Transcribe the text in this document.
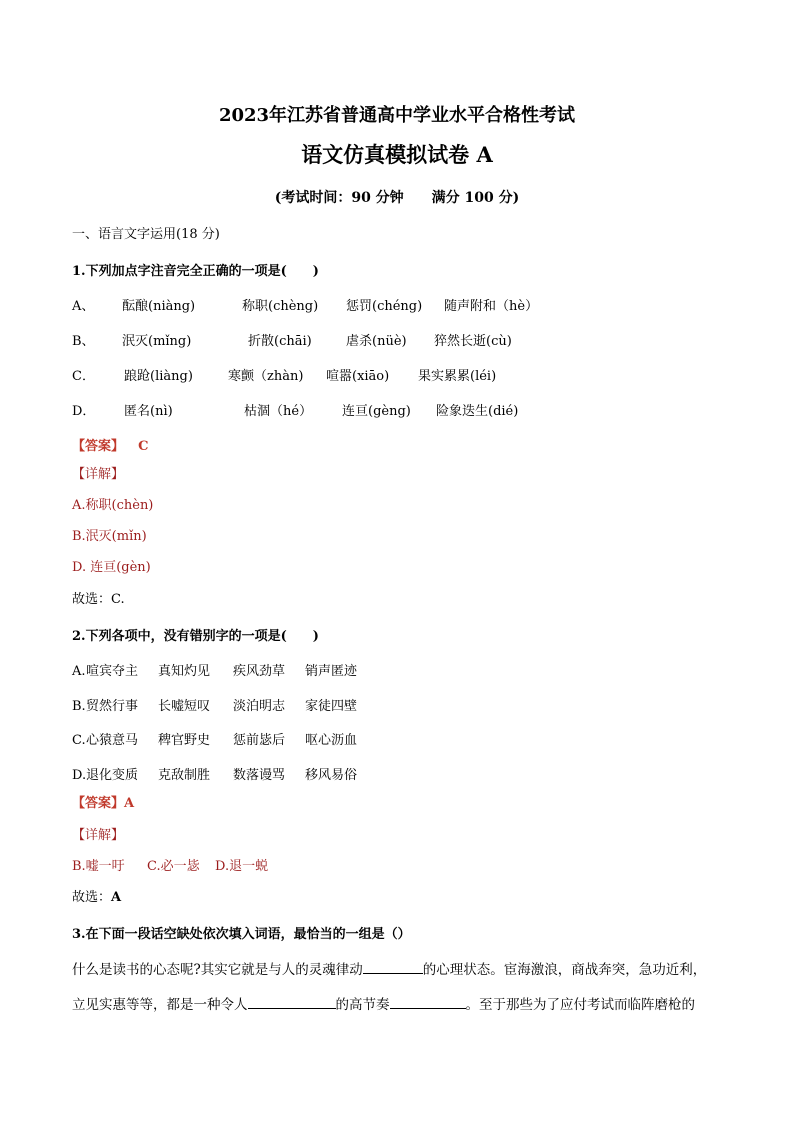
2023年江苏省普通高中学业水平合格性考试
语文仿真模拟试卷 A
(考试时间：90 分钟　　满分 100 分)
一、语言文字运用(18 分)
1.下列加点字注音完全正确的一项是(　　)
A、 酝酿(niàng)	称职(chèng) 惩罚(chéng) 随声附和（hè）
B、 泯灭(mǐng)	折散(chāi)	虐杀(nüè) 猝然长逝(cù)
C． 踉跄(liàng)	寒颤（zhàn) 喧嚣(xiāo) 果实累累(léi)
D． 匿名(nì)	枯涸（hé） 连亘(gèng) 险象迭生(dié)
【答案】 C
【详解】
A.称职(chèn)
B.泯灭(mǐn)
D. 连亘(gèn)
故选：C.
2.下列各项中，没有错别字的一项是(　　)
A.喧宾夺主 真知灼见 疾风劲草 销声匿迹
B.贸然行事 长嘘短叹 淡泊明志 家徒四壁
C.心猿意马 稗官野史 惩前毖后 呕心沥血
D.退化变质 克敌制胜 数落谩骂 移风易俗
【答案】A
【详解】
B.嘘一吁 C.必一毖 D.退一蜕
故选：A
3.在下面一段话空缺处依次填入词语，最恰当的一组是（）
什么是读书的心态呢?其实它就是与人的灵魂律动	的心理状态。宦海激浪，商战奔突，急功近利，
立见实惠等等，都是一种令人	的高节奏	。至于那些为了应付考试而临阵磨枪的
